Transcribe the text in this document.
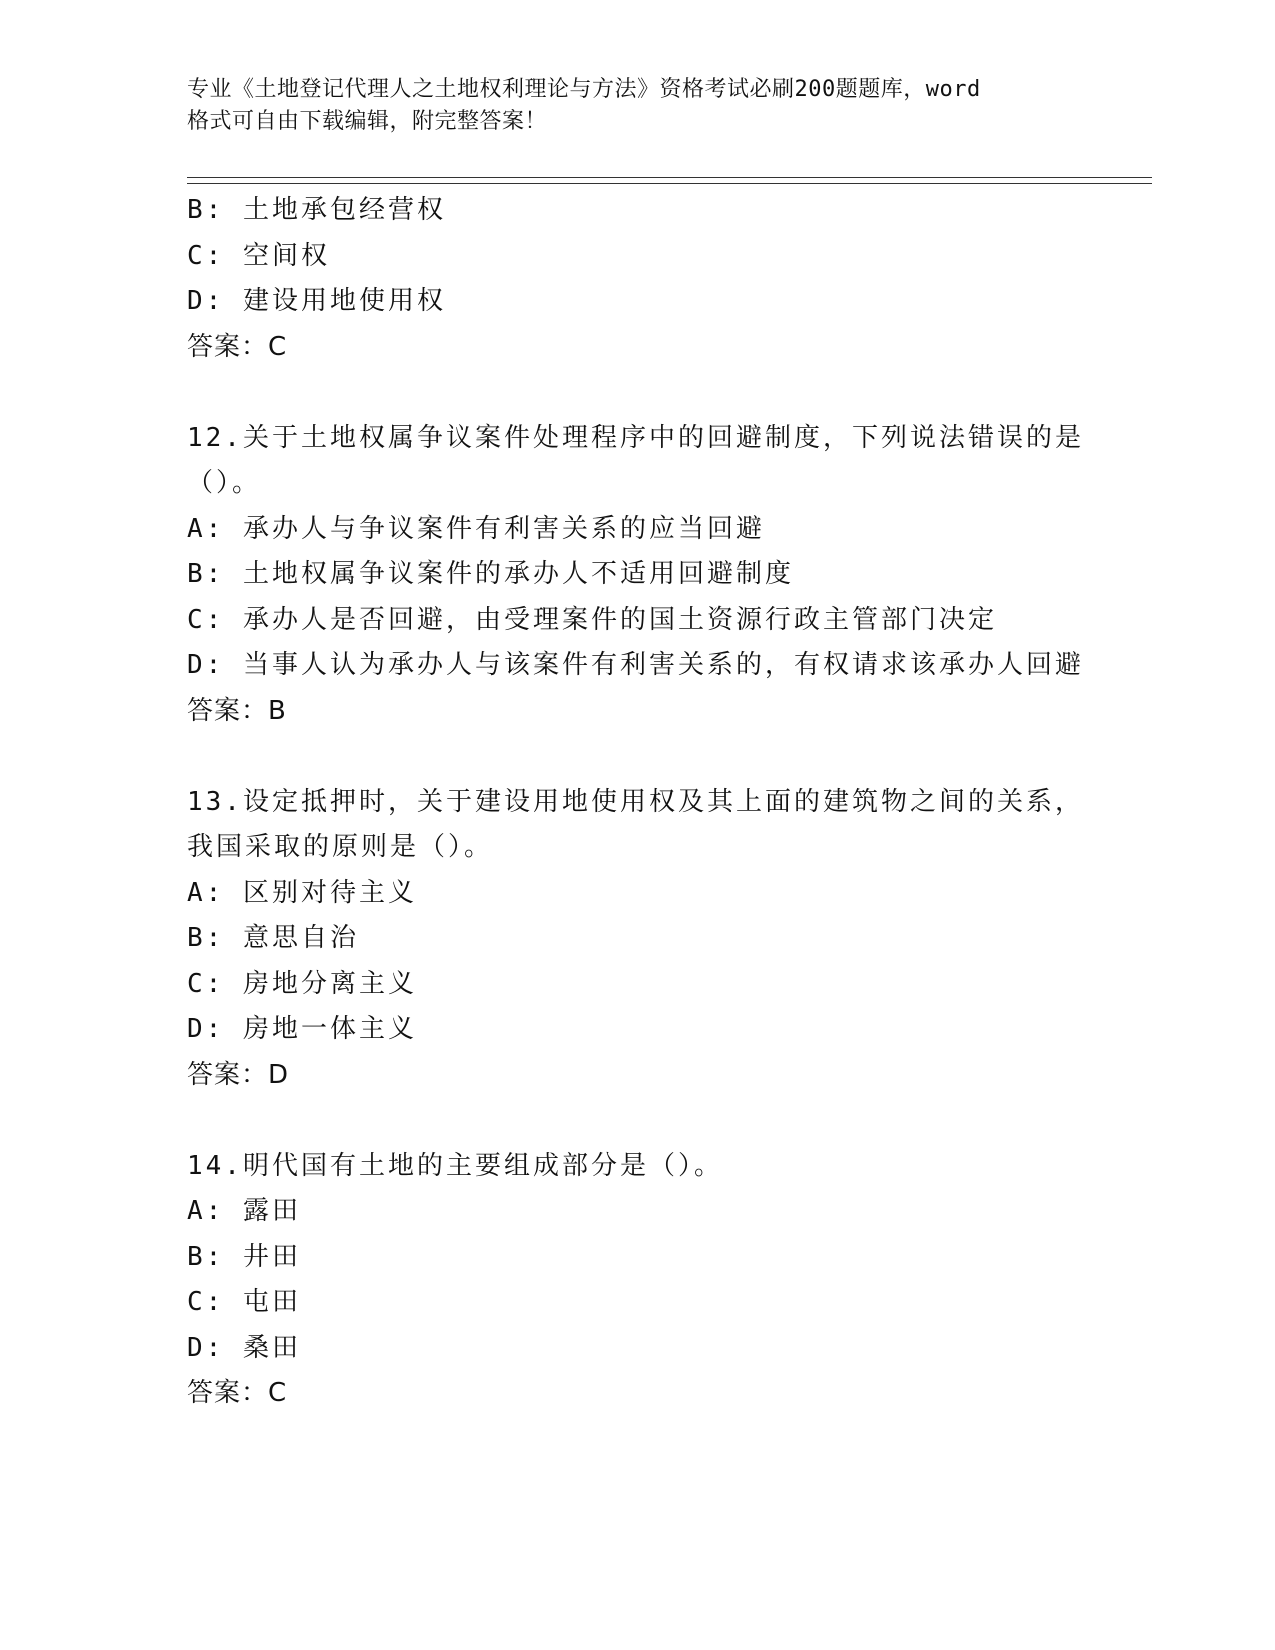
专业《土地登记代理人之土地权利理论与方法》资格考试必刷200题题库，word
格式可自由下载编辑，附完整答案！
B: 土地承包经营权
C: 空间权
D: 建设用地使用权
答案：C
12.关于土地权属争议案件处理程序中的回避制度，下列说法错误的是
（）。
A: 承办人与争议案件有利害关系的应当回避
B: 土地权属争议案件的承办人不适用回避制度
C: 承办人是否回避，由受理案件的国土资源行政主管部门决定
D: 当事人认为承办人与该案件有利害关系的，有权请求该承办人回避
答案：B
13.设定抵押时，关于建设用地使用权及其上面的建筑物之间的关系，
我国采取的原则是（）。
A: 区别对待主义
B: 意思自治
C: 房地分离主义
D: 房地一体主义
答案：D
14.明代国有土地的主要组成部分是（）。
A: 露田
B: 井田
C: 屯田
D: 桑田
答案：C
